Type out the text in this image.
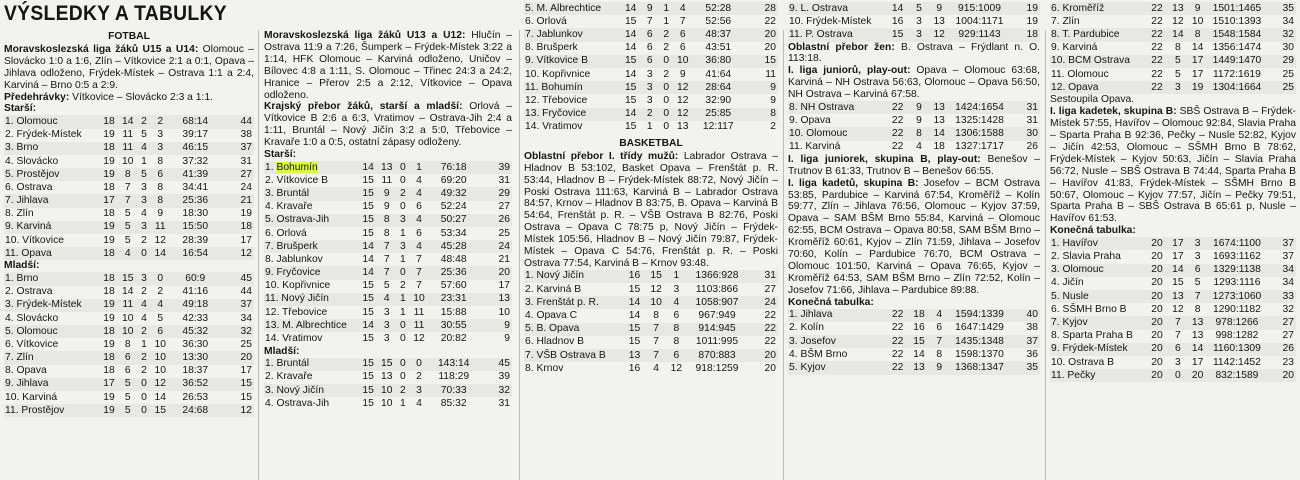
VÝSLEDKY A TABULKY
FOTBAL

Moravskoslezská liga žáků U15 a U14: Olomouc – Slovácko 1:0 a 1:6, Zlín – Vítkovice 2:1 a 0:1, Opava – Jihlava odloženo, Frýdek-Místek – Ostrava 1:1 a 2:4, Karviná – Brno 0:5 a 2:9.

Předehrávky: Vítkovice – Slovácko 2:3 a 1:1.

Starší:
1. Olomouc	18	14	2	2	68:14	44
2. Frýdek-Místek	19	11	5	3	39:17	38
3. Brno	18	11	4	3	46:15	37
4. Slovácko	19	10	1	8	37:32	31
5. Prostějov	19	8	5	6	41:39	27
6. Ostrava	18	7	3	8	34:41	24
7. Jihlava	17	7	3	8	25:36	21
8. Zlín	18	5	4	9	18:30	19
9. Karviná	19	5	3	11	15:50	18
10. Vítkovice	19	5	2	12	28:39	17
11. Opava	18	4	0	14	16:54	12
Mladší:
1. Brno	18	15	3	0	60:9	45
2. Ostrava	18	14	2	2	41:16	44
3. Frýdek-Místek	19	11	4	4	49:18	37
4. Slovácko	19	10	4	5	42:33	34
5. Olomouc	18	10	2	6	45:32	32
6. Vítkovice	19	8	1	10	36:30	25
7. Zlín	18	6	2	10	13:30	20
8. Opava	18	6	2	10	18:37	17
9. Jihlava	17	5	0	12	36:52	15
10. Karviná	19	5	0	14	26:53	15
11. Prostějov	19	5	0	15	24:68	12

Moravskoslezská liga žáků U13 a U12: Hlučín – Ostrava 11:9 a 7:26, Šumperk – Frýdek-Místek 3:22 a 1:14, HFK Olomouc – Karviná odloženo, Uničov – Bílovec 4:8 a 1:11, S. Olomouc – Třinec 24:3 a 24:2, Hranice – Přerov 2:5 a 2:12, Vítkovice – Opava odloženo.

Krajský přebor žáků, starší a mladší: Orlová – Vítkovice B 2:6 a 6:3, Vratimov – Ostrava-Jih 2:4 a 1:11, Bruntál – Nový Jičín 3:2 a 5:0, Třebovice – Kravaře 1:0 a 0:5, ostatní zápasy odloženy.

Starší:
1. Bohumín	14	13	0	1	76:18	39
2. Vítkovice B	15	11	0	4	69:20	31
3. Bruntál	15	9	2	4	49:32	29
4. Kravaře	15	9	0	6	52:24	27
5. Ostrava-Jih	15	8	3	4	50:27	26
6. Orlová	15	8	1	6	53:34	25
7. Brušperk	14	7	3	4	45:28	24
8. Jablunkov	14	7	1	7	48:48	21
9. Fryčovice	14	7	0	7	25:36	20
10. Kopřivnice	15	5	2	7	57:60	17
11. Nový Jičín	15	4	1	10	23:31	13
12. Třebovice	15	3	1	11	15:88	10
13. M. Albrechtice	14	3	0	11	30:55	9
14. Vratimov	15	3	0	12	20:82	9
Mladší:
1. Bruntál	15	15	0	0	143:14	45
2. Kravaře	15	13	0	2	118:29	39
3. Nový Jičín	15	10	2	3	70:33	32
4. Ostrava-Jih	15	10	1	4	85:32	31
5. M. Albrechtice	14	9	1	4	52:28	28
6. Orlová	15	7	1	7	52:56	22
7. Jablunkov	14	6	2	6	48:37	20
8. Brušperk	14	6	2	6	43:51	20
9. Vítkovice B	15	6	0	10	36:80	15
10. Kopřivnice	14	3	2	9	41:64	11
11. Bohumín	15	3	0	12	28:64	9
12. Třebovice	15	3	0	12	32:90	9
13. Fryčovice	14	2	0	12	25:85	8
14. Vratimov	15	1	0	13	12:117	2
BASKETBAL

Oblastní přebor I. třídy mužů: Labrador Ostrava – Hladnov B 53:102, Basket Opava – Frenštát p. R. 53:44, Hladnov B – Frýdek-Místek 88:72, Nový Jičín – Poski Ostrava 111:63, Karviná B – Labrador Ostrava 84:57, Krnov – Hladnov B 83:75, B. Opava – Karviná B 54:64, Frenštát p. R. – VŠB Ostrava B 82:76, Poski Ostrava – Opava C 78:75 p, Nový Jičín – Frýdek-Místek 105:56, Hladnov B – Nový Jičín 79:87, Frýdek-Místek – Opava C 54:76, Frenštát p. R. – Poski Ostrava 77:54, Karviná B – Krnov 93:48.

1. Nový Jičín	16	15	1	1366:928	31
2. Karviná B	15	12	3	1103:866	27
3. Frenštát p. R.	14	10	4	1058:907	24
4. Opava C	14	8	6	967:949	22
5. B. Opava	15	7	8	914:945	22
6. Hladnov B	15	7	8	1011:995	22
7. VŠB Ostrava B	13	7	6	870:883	20
8. Krnov	16	4	12	918:1259	20
9. L. Ostrava	14	5	9	915:1009	19
10. Frýdek-Místek	16	3	13	1004:1171	19
11. P. Ostrava	15	3	12	929:1143	18

Oblastní přebor žen: B. Ostrava – Frýdlant n. O. 113:18.

I. liga juniorů, play-out: Opava – Olomouc 63:68, Karviná – NH Ostrava 56:63, Olomouc – Opava 56:50, NH Ostrava – Karviná 67:58.

8. NH Ostrava	22	9	13	1424:1654	31
9. Opava	22	9	13	1325:1428	31
10. Olomouc	22	8	14	1306:1588	30
11. Karviná	22	4	18	1327:1717	26

I. liga juniorek, skupina B, play-out: Benešov – Trutnov B 61:33, Trutnov B – Benešov 66:55.

I. liga kadetů, skupina B: Josefov – BCM Ostrava 53:85, Pardubice – Karviná 67:54, Kroměříž – Kolín 59:77, Zlín – Jihlava 76:56, Olomouc – Kyjov 37:59, Opava – SAM BŠM Brno 55:84, Karviná – Olomouc 62:55, BCM Ostrava – Opava 80:58, SAM BŠM Brno – Kroměříž 60:61, Kyjov – Zlín 71:59, Jihlava – Josefov 70:60, Kolín – Pardubice 76:70, BCM Ostrava – Olomouc 101:50, Karviná – Opava 76:65, Kyjov – Kroměříž 64:53, SAM BŠM Brno – Zlín 72:52, Kolín – Josefov 71:66, Jihlava – Pardubice 89:88.

Konečná tabulka:
1. Jihlava	22	18	4	1594:1339	40
2. Kolín	22	16	6	1647:1429	38
3. Josefov	22	15	7	1435:1348	37
4. BŠM Brno	22	14	8	1598:1370	36
5. Kyjov	22	13	9	1368:1347	35
6. Kroměříž	22	13	9	1501:1465	35
7. Zlín	22	12	10	1510:1393	34
8. T. Pardubice	22	14	8	1548:1584	32
9. Karviná	22	8	14	1356:1474	30
10. BCM Ostrava	22	5	17	1449:1470	29
11. Olomouc	22	5	17	1172:1619	25
12. Opava	22	3	19	1304:1664	25

Sestoupila Opava.

I. liga kadetek, skupina B: SBŠ Ostrava B – Frýdek-Místek 57:55, Havířov – Olomouc 92:84, Slavia Praha – Sparta Praha B 92:36, Pečky – Nusle 52:82, Kyjov – Jičín 42:53, Olomouc – SŠMH Brno B 78:62, Frýdek-Místek – Kyjov 50:63, Jičín – Slavia Praha 56:72, Nusle – SBŠ Ostrava B 74:44, Sparta Praha B – Havířov 41:83, Frýdek-Místek – SŠMH Brno B 50:67, Olomouc – Kyjov 77:57, Jičín – Pečky 79:51, Sparta Praha B – SBŠ Ostrava B 65:61 p, Nusle – Havířov 61:53.

Konečná tabulka:
1. Havířov	20	17	3	1674:1100	37
2. Slavia Praha	20	17	3	1693:1162	37
3. Olomouc	20	14	6	1329:1138	34
4. Jičín	20	15	5	1293:1116	34
5. Nusle	20	13	7	1273:1060	33
6. SŠMH Brno B	20	12	8	1290:1182	32
7. Kyjov	20	7	13	978:1266	27
8. Sparta Praha B	20	7	13	998:1282	27
9. Frýdek-Místek	20	6	14	1160:1309	26
10. Ostrava B	20	3	17	1142:1452	23
11. Pečky	20	0	20	832:1589	20
